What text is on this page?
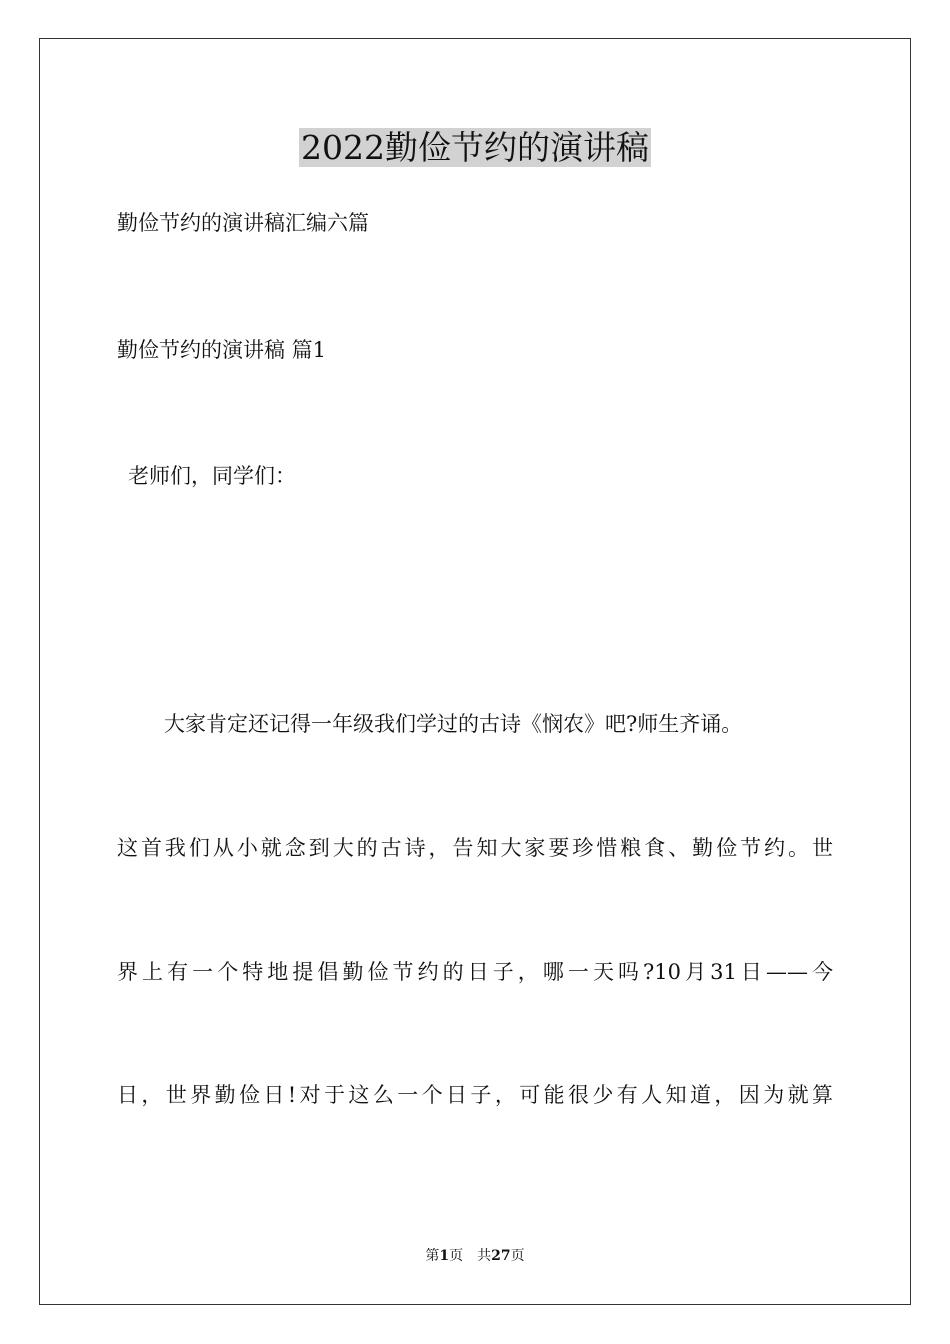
2022勤俭节约的演讲稿
勤俭节约的演讲稿汇编六篇
勤俭节约的演讲稿 篇1
老师们，同学们：
大家肯定还记得一年级我们学过的古诗《悯农》吧?师生齐诵。
这首我们从小就念到大的古诗，告知大家要珍惜粮食、勤俭节约。世
界上有一个特地提倡勤俭节约的日子，哪一天吗?10月31日——今
日，世界勤俭日!对于这么一个日子，可能很少有人知道，因为就算
第1页 共27页
